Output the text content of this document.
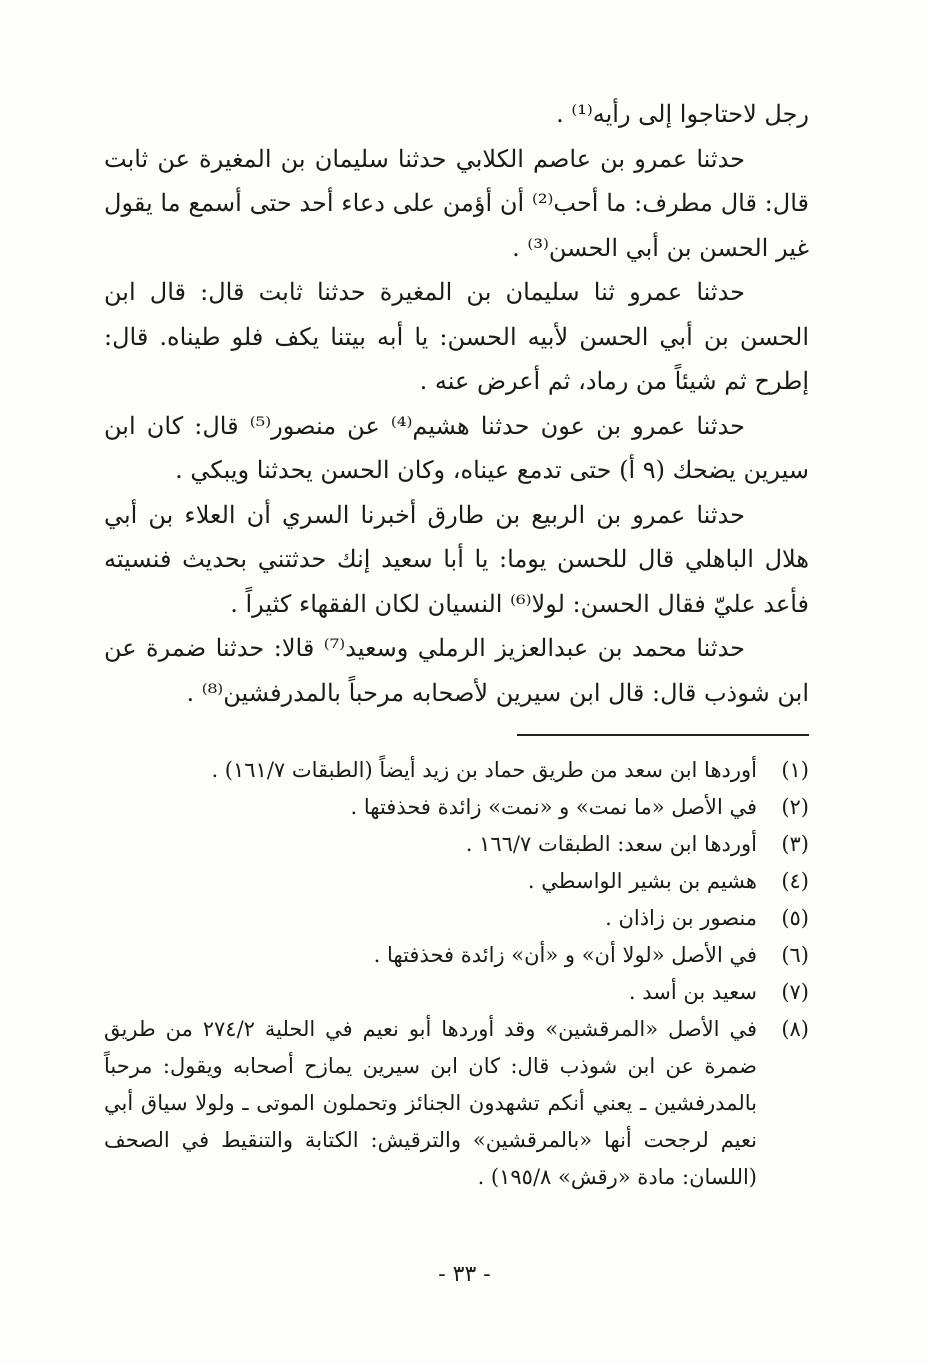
رجل لاحتاجوا إلى رأيه⁽¹⁾ .

حدثنا عمرو بن عاصم الكلابي حدثنا سليمان بن المغيرة عن ثابت قال: قال مطرف: ما أحب⁽²⁾ أن أؤمن على دعاء أحد حتى أسمع ما يقول غير الحسن بن أبي الحسن⁽³⁾ .

حدثنا عمرو ثنا سليمان بن المغيرة حدثنا ثابت قال: قال ابن الحسن بن أبي الحسن لأبيه الحسن: يا أبه بيتنا يكف فلو طيناه. قال: إطرح ثم شيئاً من رماد، ثم أعرض عنه .

حدثنا عمرو بن عون حدثنا هشيم⁽⁴⁾ عن منصور⁽⁵⁾ قال: كان ابن سيرين يضحك (٩ أ) حتى تدمع عيناه، وكان الحسن يحدثنا ويبكي .

حدثنا عمرو بن الربيع بن طارق أخبرنا السري أن العلاء بن أبي هلال الباهلي قال للحسن يوما: يا أبا سعيد إنك حدثتني بحديث فنسيته فأعد عليّ فقال الحسن: لولا⁽⁶⁾ النسيان لكان الفقهاء كثيراً .

حدثنا محمد بن عبدالعزيز الرملي وسعيد⁽⁷⁾ قالا: حدثنا ضمرة عن ابن شوذب قال: قال ابن سيرين لأصحابه مرحباً بالمدرفشين⁽⁸⁾ .

(١)
أوردها ابن سعد من طريق حماد بن زيد أيضاً (الطبقات ١٦١/٧) .
(٢)
في الأصل «ما نمت» و «نمت» زائدة فحذفتها .
(٣)
أوردها ابن سعد: الطبقات ١٦٦/٧ .
(٤)
هشيم بن بشير الواسطي .
(٥)
منصور بن زاذان .
(٦)
في الأصل «لولا أن» و «أن» زائدة فحذفتها .
(٧)
سعيد بن أسد .
(٨)
في الأصل «المرقشين» وقد أوردها أبو نعيم في الحلية ٢٧٤/٢ من طريق ضمرة عن ابن شوذب قال: كان ابن سيرين يمازح أصحابه ويقول: مرحباً بالمدرفشين ـ يعني أنكم تشهدون الجنائز وتحملون الموتى ـ ولولا سياق أبي نعيم لرجحت أنها «بالمرقشين» والترقيش: الكتابة والتنقيط في الصحف (اللسان: مادة «رقش» ١٩٥/٨) .
- ٣٣ -
